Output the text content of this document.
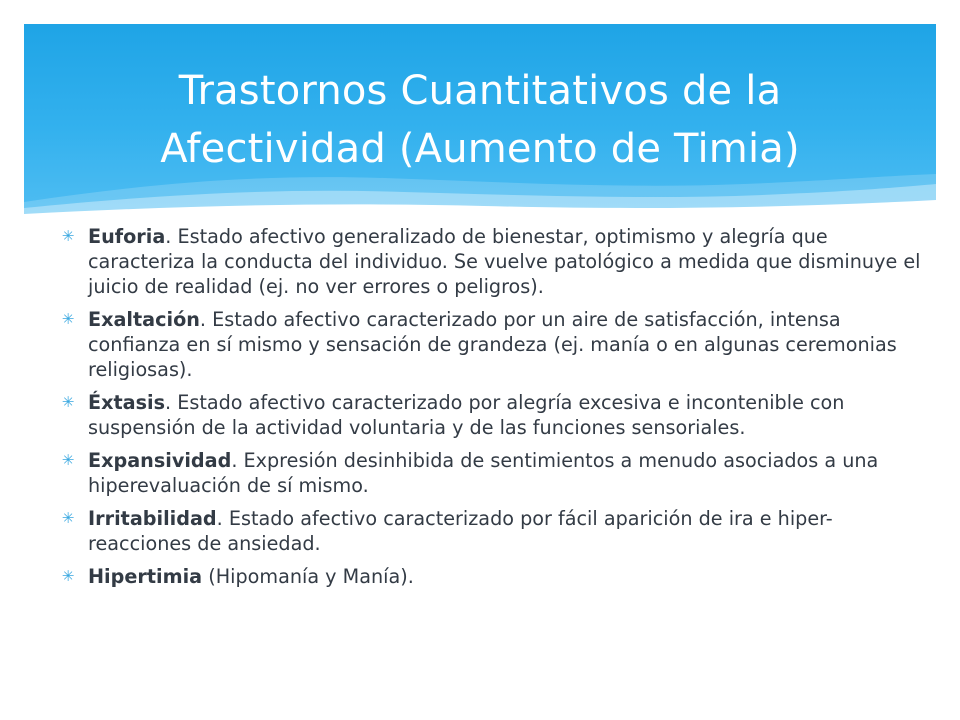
Trastornos Cuantitativos de la
Afectividad (Aumento de Timia)
✳ Euforia. Estado afectivo generalizado de bienestar, optimismo y alegría que caracteriza la conducta del individuo. Se vuelve patológico a medida que disminuye el juicio de realidad (ej. no ver errores o peligros).
✳ Exaltación. Estado afectivo caracterizado por un aire de satisfacción, intensa confianza en sí mismo y sensación de grandeza (ej. manía o en algunas ceremonias religiosas).
✳ Éxtasis. Estado afectivo caracterizado por alegría excesiva e incontenible con suspensión de la actividad voluntaria y de las funciones sensoriales.
✳ Expansividad. Expresión desinhibida de sentimientos a menudo asociados a una hiperevaluación de sí mismo.
✳ Irritabilidad. Estado afectivo caracterizado por fácil aparición de ira e hiper-reacciones de ansiedad.
✳ Hipertimia (Hipomanía y Manía).
